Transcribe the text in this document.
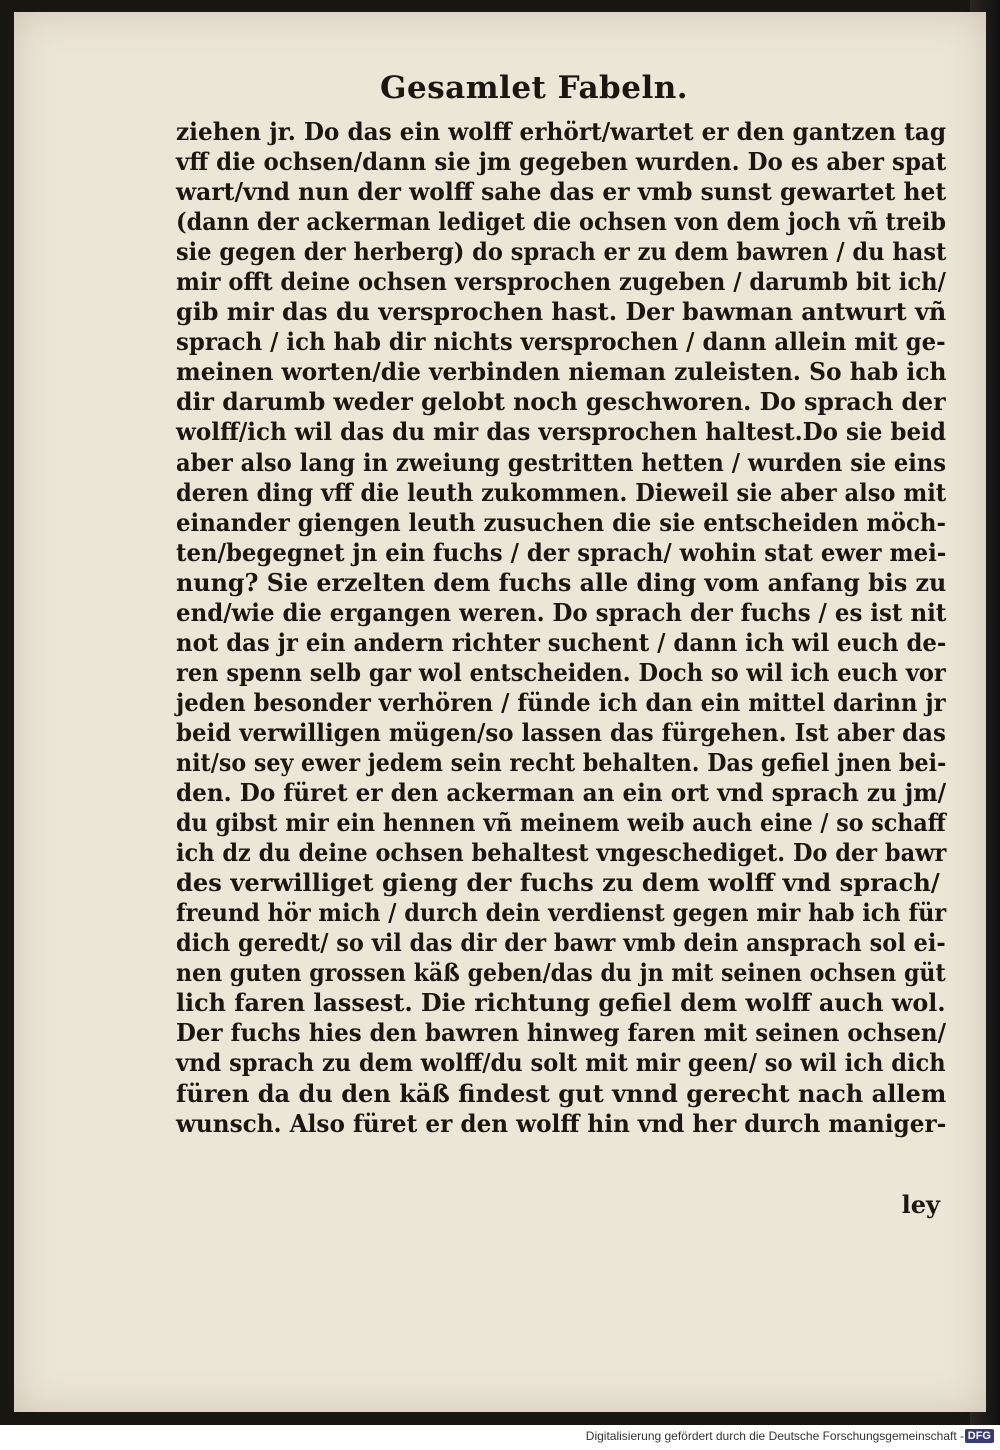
Gesamlet Fabeln.
ziehen jr. Do das ein wolff erhört/wartet er den gantzen tag
vff die ochsen/dann sie jm gegeben wurden. Do es aber spat
wart/vnd nun der wolff sahe das er vmb sunst gewartet het
(dann der ackerman lediget die ochsen von dem joch vñ treib
sie gegen der herberg) do sprach er zu dem bawren / du hast
mir offt deine ochsen versprochen zugeben / darumb bit ich/
gib mir das du versprochen hast. Der bawman antwurt vñ
sprach / ich hab dir nichts versprochen / dann allein mit ge-
meinen worten/die verbinden nieman zuleisten. So hab ich
dir darumb weder gelobt noch geschworen. Do sprach der
wolff/ich wil das du mir das versprochen haltest.Do sie beid
aber also lang in zweiung gestritten hetten / wurden sie eins
deren ding vff die leuth zukommen. Dieweil sie aber also mit
einander giengen leuth zusuchen die sie entscheiden möch-
ten/begegnet jn ein fuchs / der sprach/ wohin stat ewer mei-
nung? Sie erzelten dem fuchs alle ding vom anfang bis zu
end/wie die ergangen weren. Do sprach der fuchs / es ist nit
not das jr ein andern richter suchent / dann ich wil euch de-
ren spenn selb gar wol entscheiden. Doch so wil ich euch vor
jeden besonder verhören / fünde ich dan ein mittel darinn jr
beid verwilligen mügen/so lassen das fürgehen. Ist aber das
nit/so sey ewer jedem sein recht behalten. Das gefiel jnen bei-
den. Do füret er den ackerman an ein ort vnd sprach zu jm/
du gibst mir ein hennen vñ meinem weib auch eine / so schaff
ich dz du deine ochsen behaltest vngeschediget. Do der bawr
des verwilliget gieng der fuchs zu dem wolff vnd sprach/
freund hör mich / durch dein verdienst gegen mir hab ich für
dich geredt/ so vil das dir der bawr vmb dein ansprach sol ei-
nen guten grossen käß geben/das du jn mit seinen ochsen güt
lich faren lassest. Die richtung gefiel dem wolff auch wol.
Der fuchs hies den bawren hinweg faren mit seinen ochsen/
vnd sprach zu dem wolff/du solt mit mir geen/ so wil ich dich
füren da du den käß findest gut vnnd gerecht nach allem
wunsch. Also füret er den wolff hin vnd her durch maniger-
ley
Digitalisierung gefördert durch die Deutsche Forschungsgemeinschaft - DFG
